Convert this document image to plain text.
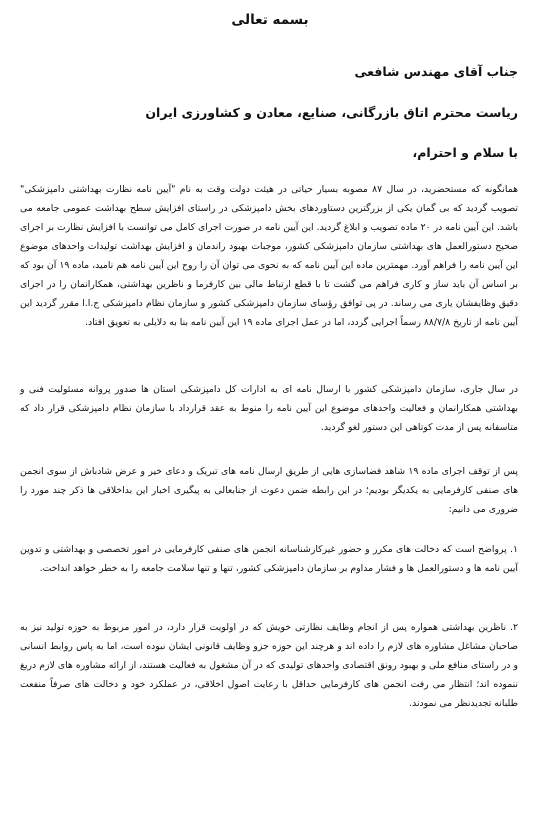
بسمه تعالی
جناب آقای مهندس شافعی
ریاست محترم اتاق بازرگانی، صنایع، معادن و کشاورزی ایران
با سلام و احترام،

همانگونه که مستحضرید، در سال ۸۷ مصوبه بسیار حیاتی در هیئت دولت وقت به نام "آیین نامه نظارت بهداشتی دامپزشکی" تصویب گردید که بی گمان یکی از بزرگترین دستاوردهای بخش دامپزشکی در راستای افزایش سطح بهداشت عمومی جامعه می باشد. این آیین نامه در ۲۰ ماده تصویب و ابلاغ گردید. این آیین نامه در صورت اجرای کامل می توانست با افزایش نظارت بر اجرای صحیح دستورالعمل های بهداشتی سازمان دامپزشکی کشور، موجبات بهبود راندمان و افزایش بهداشت تولیدات واحدهای موضوع این آیین نامه را فراهم آورد. مهمترین ماده این آیین نامه که به نحوی می توان آن را روح این آیین نامه هم نامید، ماده ۱۹ آن بود که بر اساس آن باید ساز و کاری فراهم می گشت تا با قطع ارتباط مالی بین کارفرما و ناظرین بهداشتی، همکارانمان را در اجرای دقیق وظایفشان یاری می رساند. در پی توافق رؤسای سازمان دامپزشکی کشور و سازمان نظام دامپزشکی ج.ا.ا مقرر گردید این آیین نامه از تاریخ ۸۸/۷/۸ رسماً اجرایی گردد، اما در عمل اجرای ماده ۱۹ این آیین نامه بنا به دلایلی به تعویق افتاد.

در سال جاری، سازمان دامپزشکی کشور با ارسال نامه ای به ادارات کل دامپزشکی استان ها صدور پروانه مسئولیت فنی و بهداشتی همکارانمان و فعالیت واحدهای موضوع این آیین نامه را منوط به عقد قرارداد با سازمان نظام دامپزشکی قرار داد که متاسفانه پس از مدت کوتاهی این دستور لغو گردید.

پس از توقف اجرای ماده ۱۹ شاهد فضاسازی هایی از طریق ارسال نامه های تبریک و دعای خیر و عرض شادباش از سوی انجمن های صنفی کارفرمایی به یکدیگر بودیم؛ در این رابطه ضمن دعوت از جنابعالی به پیگیری اخبار این بداخلاقی ها ذکر چند مورد را ضروری می دانیم:

۱. پرواضح است که دخالت های مکرر و حضور غیرکارشناسانه انجمن های صنفی کارفرمایی در امور تخصصی و بهداشتی و تدوین آیین نامه ها و دستورالعمل ها و فشار مداوم بر سازمان دامپزشکی کشور، تنها و تنها سلامت جامعه را به خطر خواهد انداخت.

۲. ناظرین بهداشتی همواره پس از انجام وظایف نظارتی خویش که در اولویت قرار دارد، در امور مربوط به حوزه تولید نیز به صاحبان مشاغل مشاوره های لازم را داده اند و هرچند این حوزه جزو وظایف قانونی ایشان نبوده است، اما به پاس روابط انسانی و در راستای منافع ملی و بهبود رونق اقتصادی واحدهای تولیدی که در آن مشغول به فعالیت هستند، از ارائه مشاوره های لازم دریغ ننموده اند؛ انتظار می رفت انجمن های کارفرمایی حداقل با رعایت اصول اخلاقی، در عملکرد خود و دخالت های صرفاً منفعت طلبانه تجدیدنظر می نمودند.
